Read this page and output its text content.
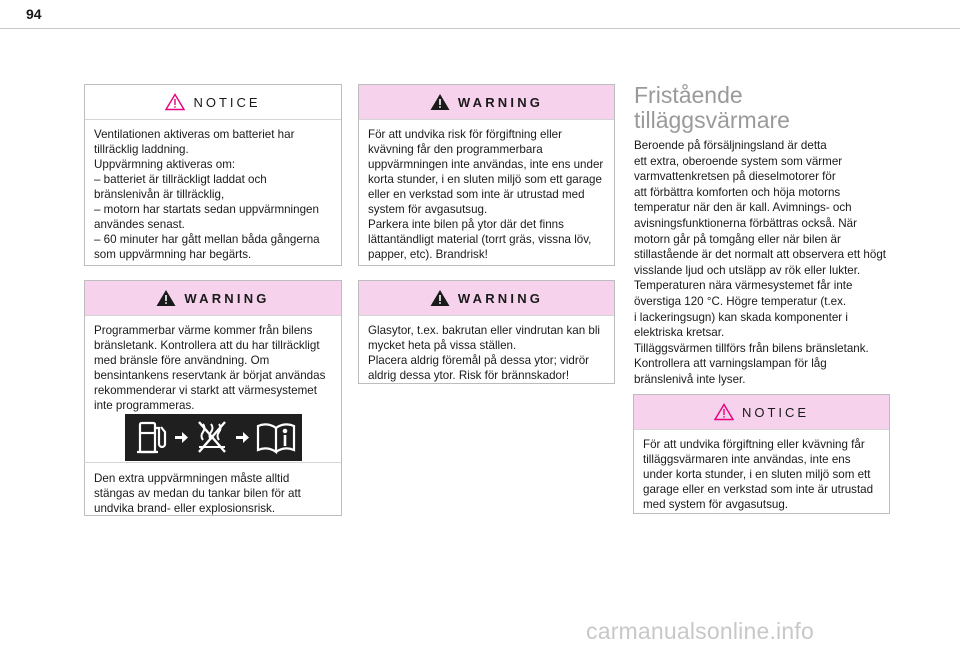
94
NOTICE
Ventilationen aktiveras om batteriet har
tillräcklig laddning.
Uppvärmning aktiveras om:
– batteriet är tillräckligt laddat och
bränslenivån är tillräcklig,
– motorn har startats sedan uppvärmningen
användes senast.
– 60 minuter har gått mellan båda gångerna
som uppvärmning har begärts.
WARNING
Programmerbar värme kommer från bilens
bränsletank. Kontrollera att du har tillräckligt
med bränsle före användning. Om
bensintankens reservtank är börjat användas
rekommenderar vi starkt att värmesystemet
inte programmeras.
Den extra uppvärmningen måste alltid
stängas av medan du tankar bilen för att
undvika brand- eller explosionsrisk.
WARNING
För att undvika risk för förgiftning eller
kvävning får den programmerbara
uppvärmningen inte användas, inte ens under
korta stunder, i en sluten miljö som ett garage
eller en verkstad som inte är utrustad med
system för avgasutsug.
Parkera inte bilen på ytor där det finns
lättantändligt material (torrt gräs, vissna löv,
papper, etc). Brandrisk!
WARNING
Glasytor, t.ex. bakrutan eller vindrutan kan bli
mycket heta på vissa ställen.
Placera aldrig föremål på dessa ytor; vidrör
aldrig dessa ytor. Risk för brännskador!
Fristående
tilläggsvärmare
Beroende på försäljningsland är detta
ett extra, oberoende system som värmer
varmvattenkretsen på dieselmotorer för
att förbättra komforten och höja motorns
temperatur när den är kall. Avimnings- och
avisningsfunktionerna förbättras också. När
motorn går på tomgång eller när bilen är
stillastående är det normalt att observera ett högt
visslande ljud och utsläpp av rök eller lukter.
Temperaturen nära värmesystemet får inte
överstiga 120 °C. Högre temperatur (t.ex.
i lackeringsugn) kan skada komponenter i
elektriska kretsar.
Tilläggsvärmen tillförs från bilens bränsletank.
Kontrollera att varningslampan för låg
bränslenivå inte lyser.
NOTICE
För att undvika förgiftning eller kvävning får
tilläggsvärmaren inte användas, inte ens
under korta stunder, i en sluten miljö som ett
garage eller en verkstad som inte är utrustad
med system för avgasutsug.
carmanualsonline.info
